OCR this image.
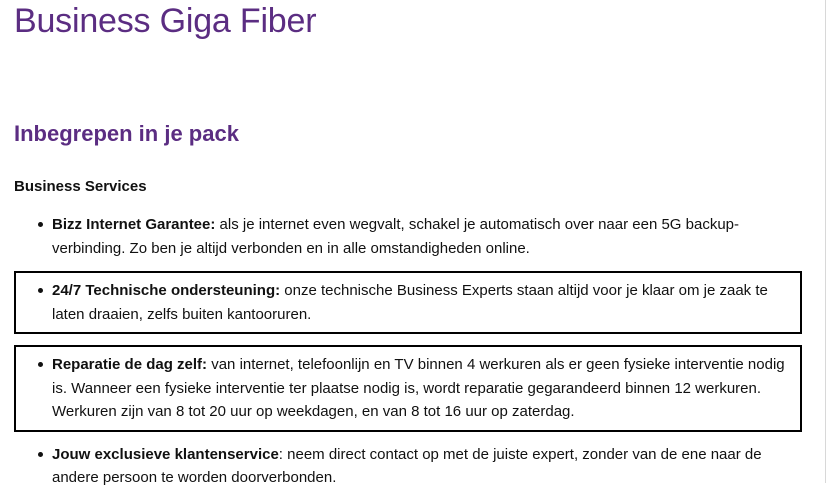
Business Giga Fiber
Inbegrepen in je pack
Business Services
Bizz Internet Garantee: als je internet even wegvalt, schakel je automatisch over naar een 5G backup-verbinding. Zo ben je altijd verbonden en in alle omstandigheden online.
24/7 Technische ondersteuning: onze technische Business Experts staan altijd voor je klaar om je zaak te laten draaien, zelfs buiten kantooruren.
Reparatie de dag zelf: van internet, telefoonlijn en TV binnen 4 werkuren als er geen fysieke interventie nodig is. Wanneer een fysieke interventie ter plaatse nodig is, wordt reparatie gegarandeerd binnen 12 werkuren. Werkuren zijn van 8 tot 20 uur op weekdagen, en van 8 tot 16 uur op zaterdag.
Jouw exclusieve klantenservice: neem direct contact op met de juiste expert, zonder van de ene naar de andere persoon te worden doorverbonden.
